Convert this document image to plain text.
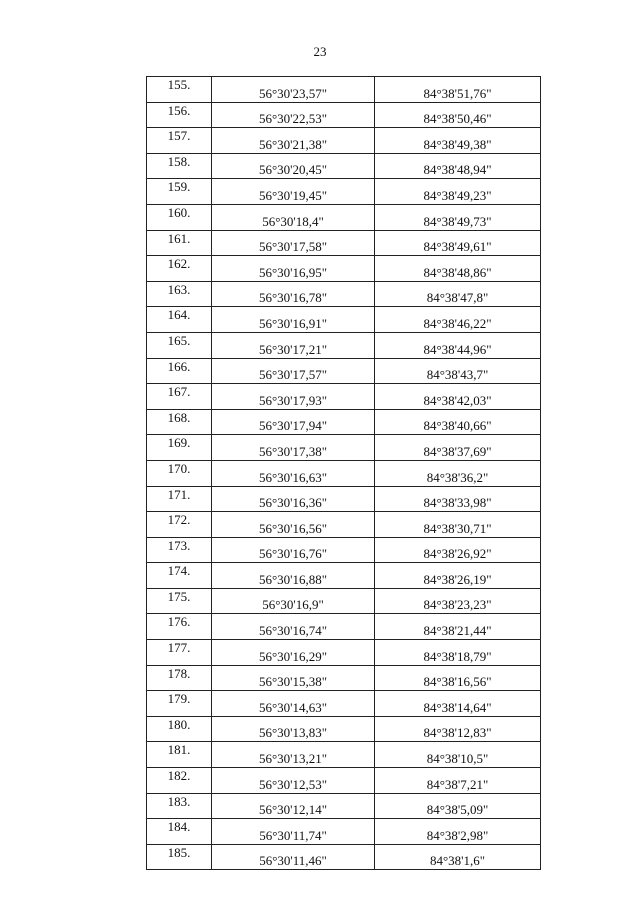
23
155.	56°30'23,57"	84°38'51,76"
156.	56°30'22,53"	84°38'50,46"
157.	56°30'21,38"	84°38'49,38"
158.	56°30'20,45"	84°38'48,94"
159.	56°30'19,45"	84°38'49,23"
160.	56°30'18,4"	84°38'49,73"
161.	56°30'17,58"	84°38'49,61"
162.	56°30'16,95"	84°38'48,86"
163.	56°30'16,78"	84°38'47,8"
164.	56°30'16,91"	84°38'46,22"
165.	56°30'17,21"	84°38'44,96"
166.	56°30'17,57"	84°38'43,7"
167.	56°30'17,93"	84°38'42,03"
168.	56°30'17,94"	84°38'40,66"
169.	56°30'17,38"	84°38'37,69"
170.	56°30'16,63"	84°38'36,2"
171.	56°30'16,36"	84°38'33,98"
172.	56°30'16,56"	84°38'30,71"
173.	56°30'16,76"	84°38'26,92"
174.	56°30'16,88"	84°38'26,19"
175.	56°30'16,9"	84°38'23,23"
176.	56°30'16,74"	84°38'21,44"
177.	56°30'16,29"	84°38'18,79"
178.	56°30'15,38"	84°38'16,56"
179.	56°30'14,63"	84°38'14,64"
180.	56°30'13,83"	84°38'12,83"
181.	56°30'13,21"	84°38'10,5"
182.	56°30'12,53"	84°38'7,21"
183.	56°30'12,14"	84°38'5,09"
184.	56°30'11,74"	84°38'2,98"
185.	56°30'11,46"	84°38'1,6"
